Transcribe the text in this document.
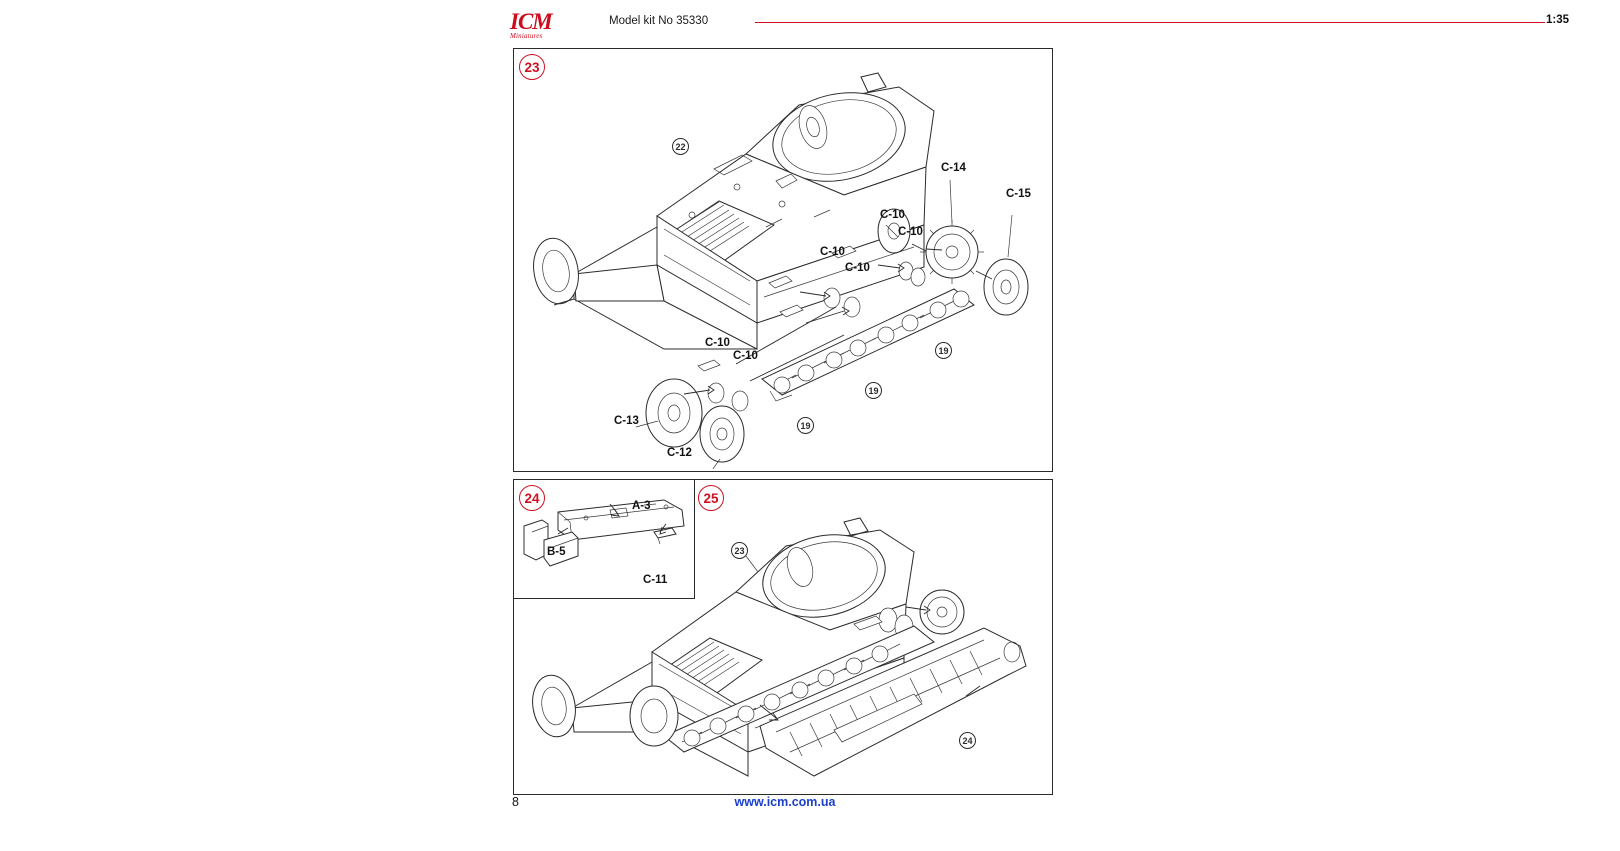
ICM
Miniatures
Model kit No 35330	1:35
23
22
19
19
19
C-14
C-15
C-10
C-10
C-10
C-10
C-10
C-10
C-13
C-12
25
23
24
24
A-3
B-5
C-11
8	www.icm.com.ua
